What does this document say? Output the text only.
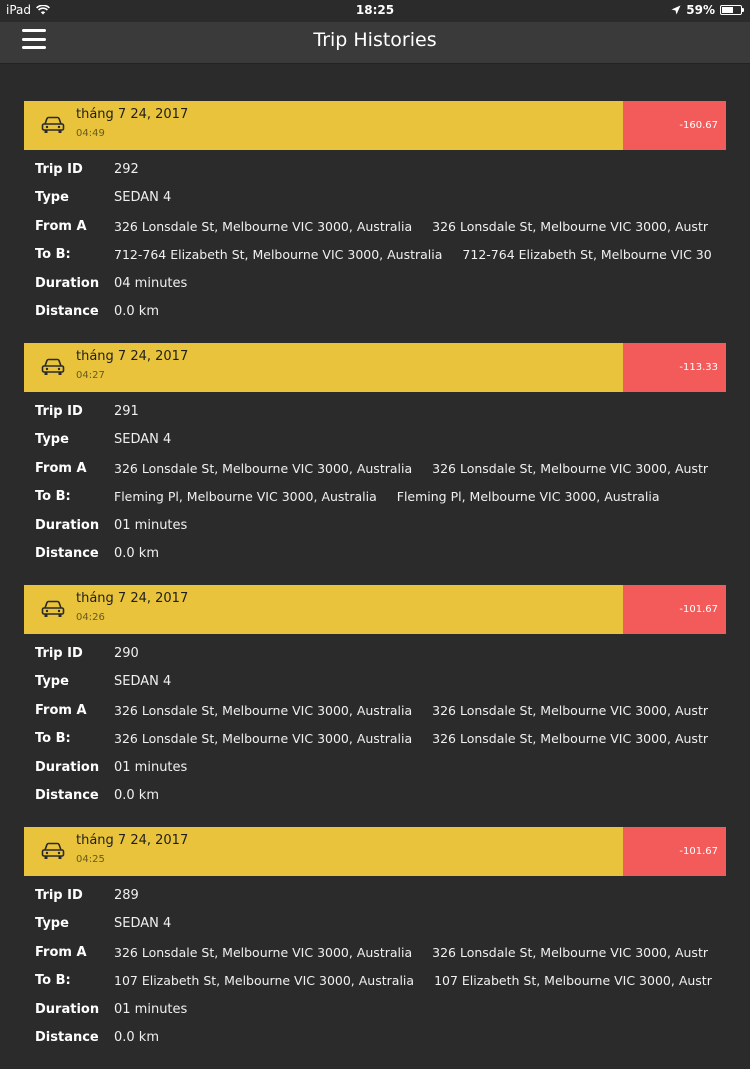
iPad	18:25	59%
Trip Histories
tháng 7 24, 2017
04:49
-160.67
Trip ID	292
Type	SEDAN 4
From A	326 Lonsdale St, Melbourne VIC 3000, Australia 326 Lonsdale St, Melbourne VIC 3000, Austr
To B:	712-764 Elizabeth St, Melbourne VIC 3000, Australia 712-764 Elizabeth St, Melbourne VIC 30
Duration	04 minutes
Distance	0.0 km
tháng 7 24, 2017
04:27
-113.33
Trip ID	291
Type	SEDAN 4
From A	326 Lonsdale St, Melbourne VIC 3000, Australia 326 Lonsdale St, Melbourne VIC 3000, Austr
To B:	Fleming Pl, Melbourne VIC 3000, Australia Fleming Pl, Melbourne VIC 3000, Australia
Duration	01 minutes
Distance	0.0 km
tháng 7 24, 2017
04:26
-101.67
Trip ID	290
Type	SEDAN 4
From A	326 Lonsdale St, Melbourne VIC 3000, Australia 326 Lonsdale St, Melbourne VIC 3000, Austr
To B:	326 Lonsdale St, Melbourne VIC 3000, Australia 326 Lonsdale St, Melbourne VIC 3000, Austr
Duration	01 minutes
Distance	0.0 km
tháng 7 24, 2017
04:25
-101.67
Trip ID	289
Type	SEDAN 4
From A	326 Lonsdale St, Melbourne VIC 3000, Australia 326 Lonsdale St, Melbourne VIC 3000, Austr
To B:	107 Elizabeth St, Melbourne VIC 3000, Australia 107 Elizabeth St, Melbourne VIC 3000, Austr
Duration	01 minutes
Distance	0.0 km
